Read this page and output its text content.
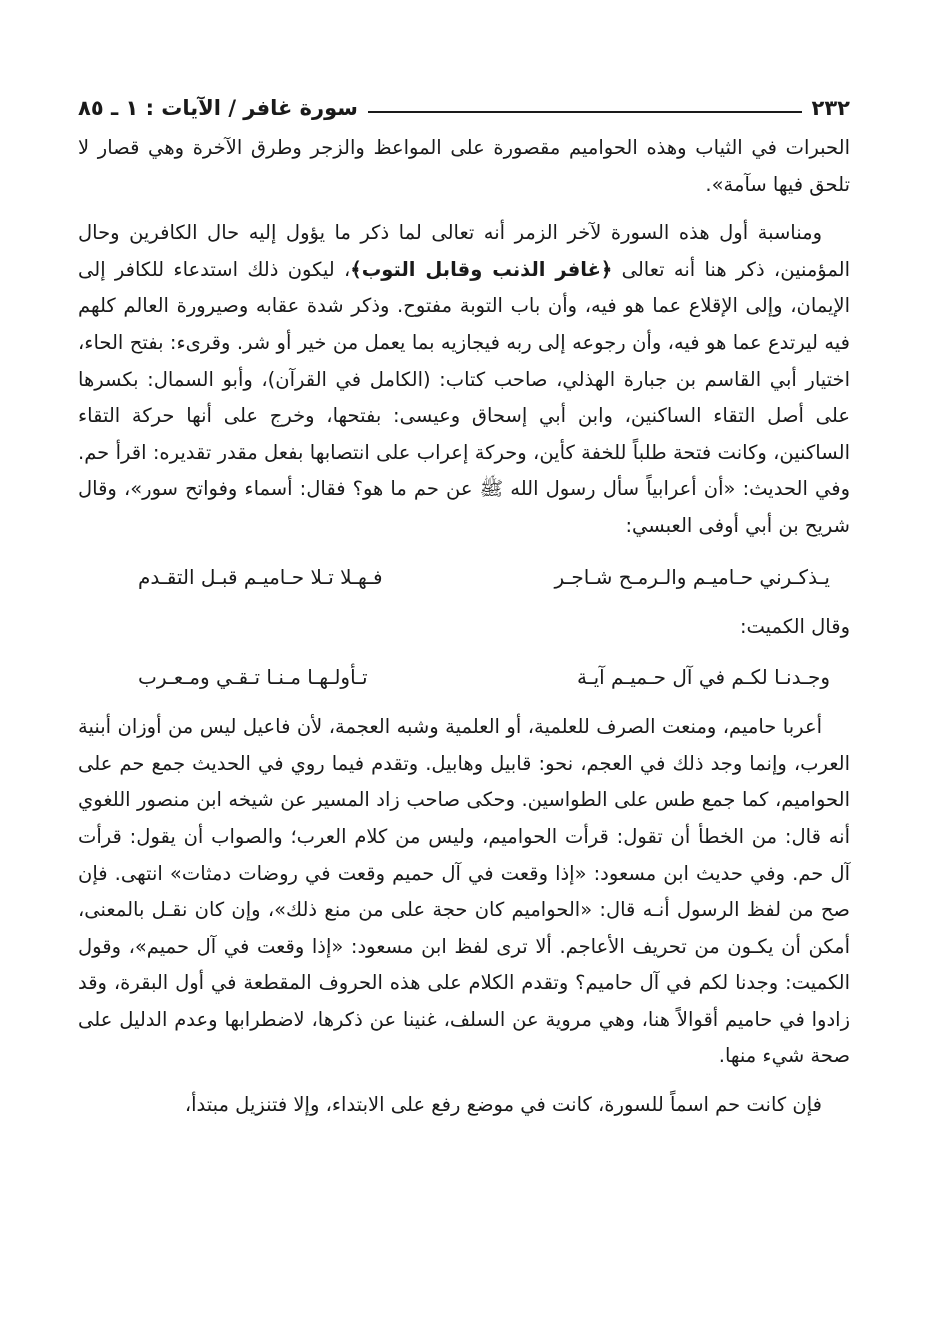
٢٣٢
سورة غافر / الآيات : ١ ـ ٨٥

الحبرات في الثياب وهذه الحواميم مقصورة على المواعظ والزجر وطرق الآخرة وهي قصار لا تلحق فيها سآمة».

ومناسبة أول هذه السورة لآخر الزمر أنه تعالى لما ذكر ما يؤول إليه حال الكافرين وحال المؤمنين، ذكر هنا أنه تعالى ﴿غافر الذنب وقابل التوب﴾، ليكون ذلك استدعاء للكافر إلى الإيمان، وإلى الإقلاع عما هو فيه، وأن باب التوبة مفتوح. وذكر شدة عقابه وصيرورة العالم كلهم فيه ليرتدع عما هو فيه، وأن رجوعه إلى ربه فيجازيه بما يعمل من خير أو شر. وقرىء: بفتح الحاء، اختيار أبي القاسم بن جبارة الهذلي، صاحب كتاب: (الكامل في القرآن)، وأبو السمال: بكسرها على أصل التقاء الساكنين، وابن أبي إسحاق وعيسى: بفتحها، وخرج على أنها حركة التقاء الساكنين، وكانت فتحة طلباً للخفة كأين، وحركة إعراب على انتصابها بفعل مقدر تقديره: اقرأ حم. وفي الحديث: «أن أعرابياً سأل رسول الله ﷺ عن حم ما هو؟ فقال: أسماء وفواتح سور»، وقال شريح بن أبي أوفى العبسي:

يـذكـرني حـاميـم والـرمـح شـاجـر
فـهـلا تـلا حـاميـم قبـل التقـدم

وقال الكميت:

وجـدنـا لكـم في آل حـميـم آيـة
تـأولـهـا مـنـا تـقـي ومـعـرب

أعربا حاميم، ومنعت الصرف للعلمية، أو العلمية وشبه العجمة، لأن فاعيل ليس من أوزان أبنية العرب، وإنما وجد ذلك في العجم، نحو: قابيل وهابيل. وتقدم فيما روي في الحديث جمع حم على الحواميم، كما جمع طس على الطواسين. وحكى صاحب زاد المسير عن شيخه ابن منصور اللغوي أنه قال: من الخطأ أن تقول: قرأت الحواميم، وليس من كلام العرب؛ والصواب أن يقول: قرأت آل حم. وفي حديث ابن مسعود: «إذا وقعت في آل حميم وقعت في روضات دمثات» انتهى. فإن صح من لفظ الرسول أنـه قال: «الحواميم كان حجة على من منع ذلك»، وإن كان نقـل بالمعنى، أمكن أن يكـون من تحريف الأعاجم. ألا ترى لفظ ابن مسعود: «إذا وقعت في آل حميم»، وقول الكميت: وجدنا لكم في آل حاميم؟ وتقدم الكلام على هذه الحروف المقطعة في أول البقرة، وقد زادوا في حاميم أقوالاً هنا، وهي مروية عن السلف، غنينا عن ذكرها، لاضطرابها وعدم الدليل على صحة شيء منها.

فإن كانت حم اسماً للسورة، كانت في موضع رفع على الابتداء، وإلا فتنزيل مبتدأ،
